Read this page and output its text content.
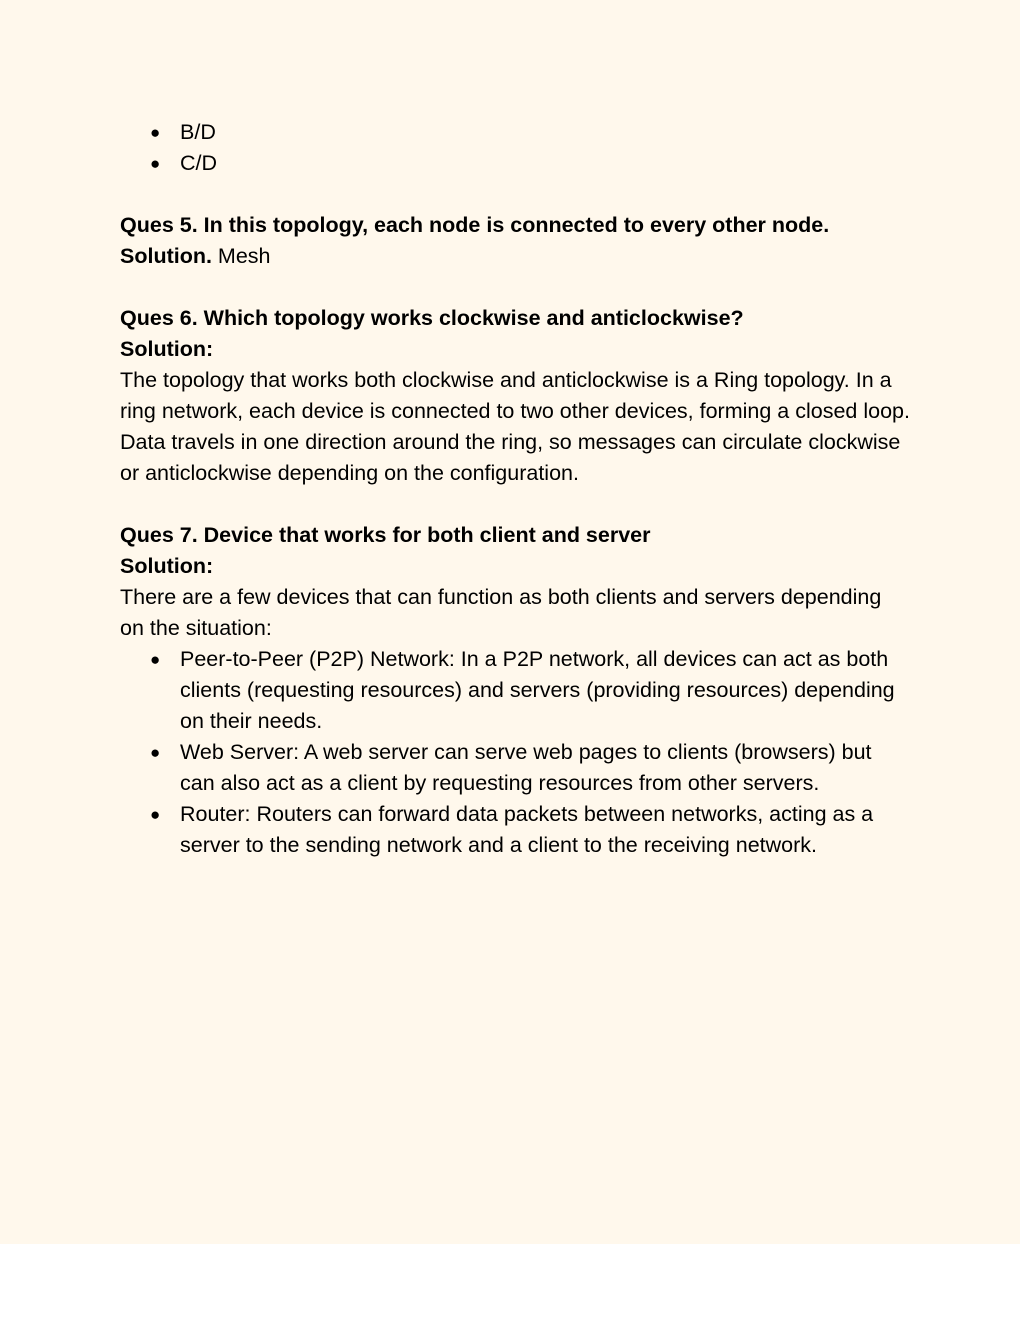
● B/D
● C/D

Ques 5. In this topology, each node is connected to every other node.

Solution. Mesh

Ques 6. Which topology works clockwise and anticlockwise?

Solution:

The topology that works both clockwise and anticlockwise is a Ring topology. In a ring network, each device is connected to two other devices, forming a closed loop. Data travels in one direction around the ring, so messages can circulate clockwise or anticlockwise depending on the configuration.

Ques 7. Device that works for both client and server

Solution:

There are a few devices that can function as both clients and servers depending on the situation:

● Peer-to-Peer (P2P) Network: In a P2P network, all devices can act as both clients (requesting resources) and servers (providing resources) depending on their needs.
● Web Server: A web server can serve web pages to clients (browsers) but can also act as a client by requesting resources from other servers.
● Router: Routers can forward data packets between networks, acting as a server to the sending network and a client to the receiving network.
